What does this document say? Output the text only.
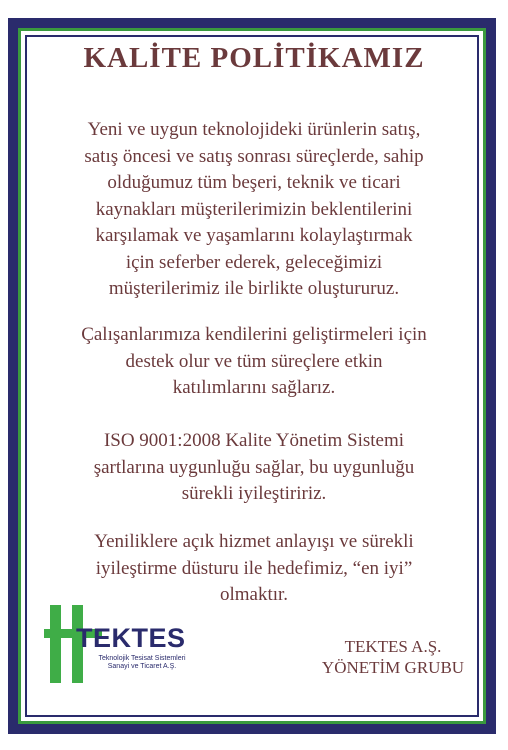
KALİTE POLİTİKAMIZ
Yeni ve uygun teknolojideki ürünlerin satış,
satış öncesi ve satış sonrası süreçlerde, sahip
olduğumuz tüm beşeri, teknik ve ticari
kaynakları müşterilerimizin beklentilerini
karşılamak ve yaşamlarını kolaylaştırmak
için seferber ederek, geleceğimizi
müşterilerimiz ile birlikte oluştururuz.
Çalışanlarımıza kendilerini geliştirmeleri için
destek olur ve tüm süreçlere etkin
katılımlarını sağlarız.
ISO 9001:2008 Kalite Yönetim Sistemi
şartlarına uygunluğu sağlar, bu uygunluğu
sürekli iyileştiririz.
Yeniliklere açık hizmet anlayışı ve sürekli
iyileştirme düsturu ile hedefimiz, “en iyi”
olmaktır.
TEKTES
Teknolojik Tesisat Sistemleri
Sanayi ve Ticaret A.Ş.
TEKTES A.Ş.
YÖNETİM GRUBU
